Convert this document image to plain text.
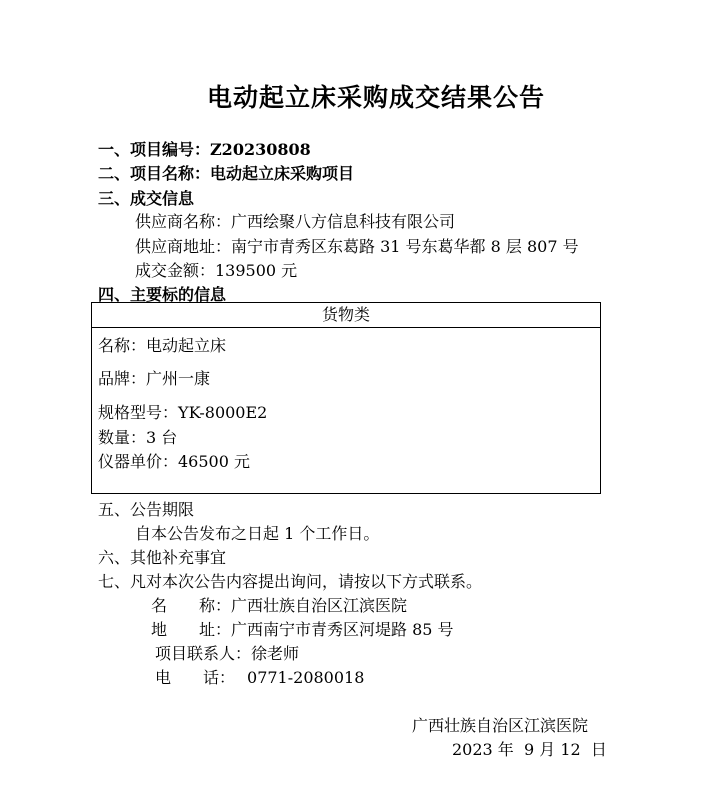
电动起立床采购成交结果公告
一、项目编号：Z20230808
二、项目名称：电动起立床采购项目
三、成交信息
供应商名称：广西绘聚八方信息科技有限公司
供应商地址：南宁市青秀区东葛路 31 号东葛华都 8 层 807 号
成交金额：139500 元
四、主要标的信息
货物类
名称：电动起立床
品牌：广州一康
规格型号：YK-8000E2
数量：3 台
仪器单价：46500 元
五、公告期限
自本公告发布之日起 1 个工作日。
六、其他补充事宜
七、凡对本次公告内容提出询问，请按以下方式联系。
名　　称：广西壮族自治区江滨医院
地　　址：广西南宁市青秀区河堤路 85 号
项目联系人：徐老师
电　　话： 0771-2080018
广西壮族自治区江滨医院
2023 年  9 月 12  日
